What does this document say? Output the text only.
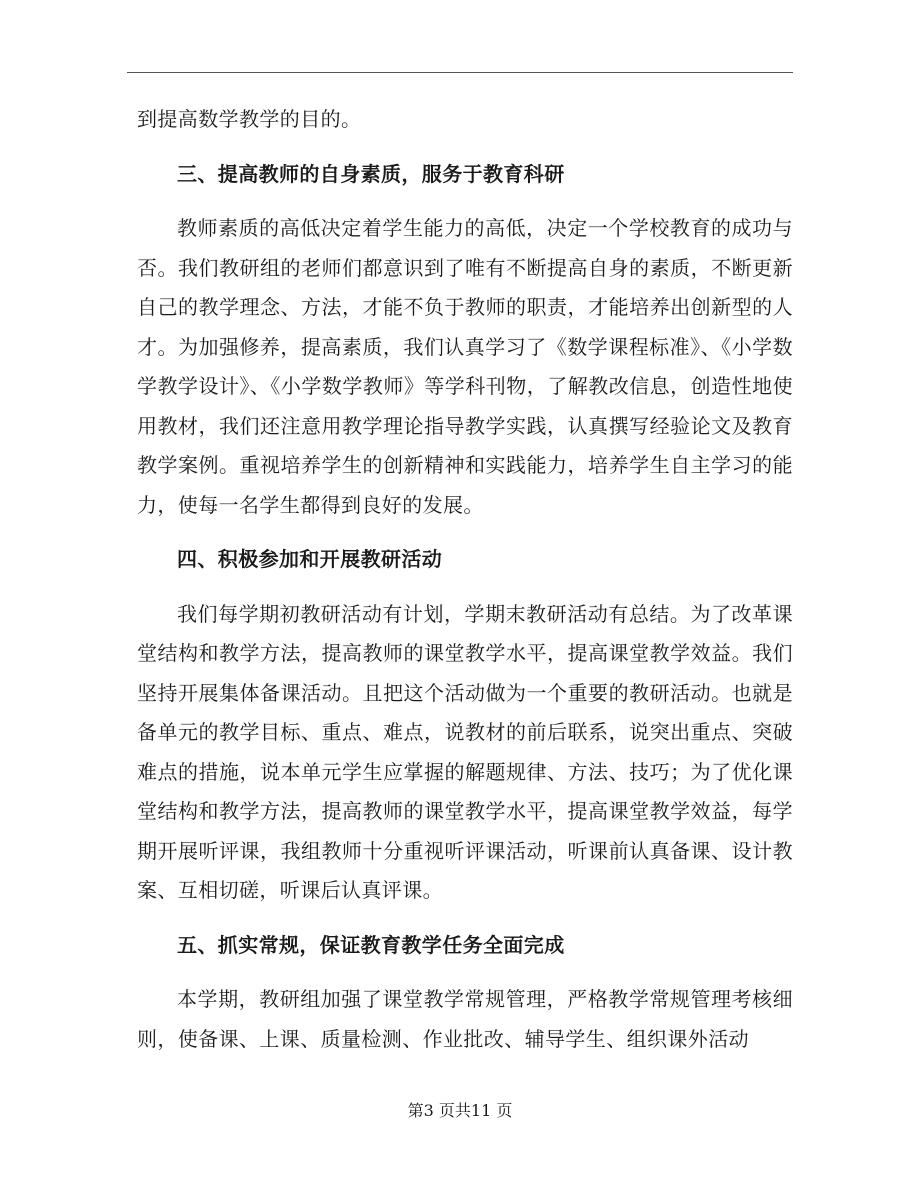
到提高数学教学的目的。

三、提高教师的自身素质，服务于教育科研

教师素质的高低决定着学生能力的高低，决定一个学校教育的成功与否。我们教研组的老师们都意识到了唯有不断提高自身的素质，不断更新自己的教学理念、方法，才能不负于教师的职责，才能培养出创新型的人才。为加强修养，提高素质，我们认真学习了《数学课程标准》、《小学数学教学设计》、《小学数学教师》等学科刊物，了解教改信息，创造性地使用教材，我们还注意用教学理论指导教学实践，认真撰写经验论文及教育教学案例。重视培养学生的创新精神和实践能力，培养学生自主学习的能力，使每一名学生都得到良好的发展。

四、积极参加和开展教研活动

我们每学期初教研活动有计划，学期末教研活动有总结。为了改革课堂结构和教学方法，提高教师的课堂教学水平，提高课堂教学效益。我们坚持开展集体备课活动。且把这个活动做为一个重要的教研活动。也就是备单元的教学目标、重点、难点，说教材的前后联系，说突出重点、突破难点的措施，说本单元学生应掌握的解题规律、方法、技巧；为了优化课堂结构和教学方法，提高教师的课堂教学水平，提高课堂教学效益，每学期开展听评课，我组教师十分重视听评课活动，听课前认真备课、设计教案、互相切磋，听课后认真评课。

五、抓实常规，保证教育教学任务全面完成

本学期，教研组加强了课堂教学常规管理，严格教学常规管理考核细则，使备课、上课、质量检测、作业批改、辅导学生、组织课外活动

第3 页共11 页
